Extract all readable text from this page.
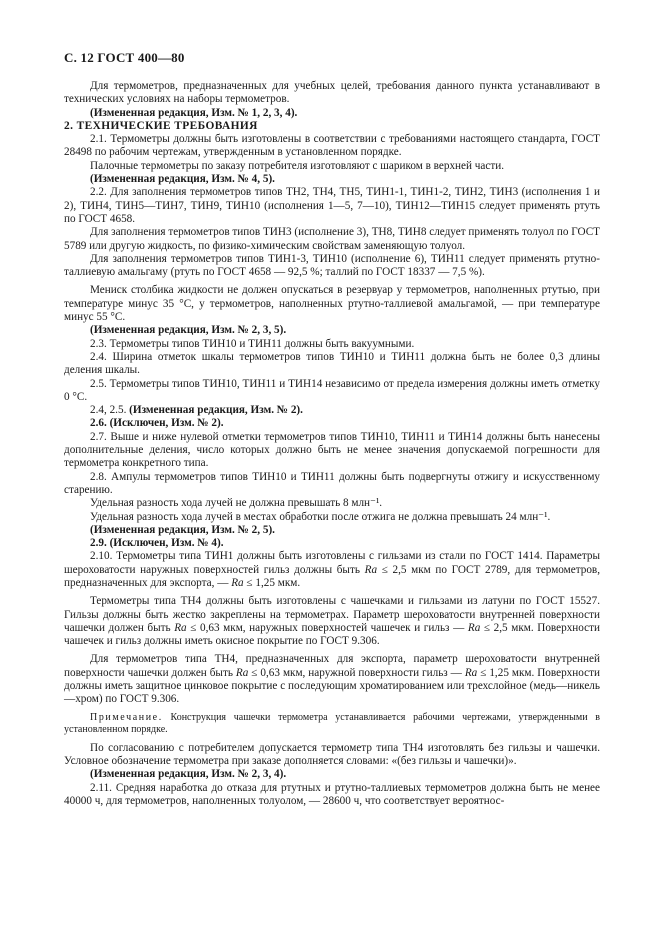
С. 12 ГОСТ 400—80

Для термометров, предназначенных для учебных целей, требования данного пункта устанавливают в технических условиях на наборы термометров.

(Измененная редакция, Изм. № 1, 2, 3, 4).

2. ТЕХНИЧЕСКИЕ ТРЕБОВАНИЯ

2.1. Термометры должны быть изготовлены в соответствии с требованиями настоящего стандарта, ГОСТ 28498 по рабочим чертежам, утвержденным в установленном порядке.

Палочные термометры по заказу потребителя изготовляют с шариком в верхней части.

(Измененная редакция, Изм. № 4, 5).

2.2. Для заполнения термометров типов ТН2, ТН4, ТН5, ТИН1-1, ТИН1-2, ТИН2, ТИН3 (исполнения 1 и 2), ТИН4, ТИН5—ТИН7, ТИН9, ТИН10 (исполнения 1—5, 7—10), ТИН12—ТИН15 следует применять ртуть по ГОСТ 4658.

Для заполнения термометров типов ТИН3 (исполнение 3), ТН8, ТИН8 следует применять толуол по ГОСТ 5789 или другую жидкость, по физико-химическим свойствам заменяющую толуол.

Для заполнения термометров типов ТИН1-3, ТИН10 (исполнение 6), ТИН11 следует применять ртутно-таллиевую амальгаму (ртуть по ГОСТ 4658 — 92,5 %; таллий по ГОСТ 18337 — 7,5 %).

Мениск столбика жидкости не должен опускаться в резервуар у термометров, наполненных ртутью, при температуре минус 35 °С, у термометров, наполненных ртутно-таллиевой амальгамой, — при температуре минус 55 °С.

(Измененная редакция, Изм. № 2, 3, 5).

2.3. Термометры типов ТИН10 и ТИН11 должны быть вакуумными.

2.4. Ширина отметок шкалы термометров типов ТИН10 и ТИН11 должна быть не более 0,3 длины деления шкалы.

2.5. Термометры типов ТИН10, ТИН11 и ТИН14 независимо от предела измерения должны иметь отметку 0 °С.

2.4, 2.5. (Измененная редакция, Изм. № 2).

2.6. (Исключен, Изм. № 2).

2.7. Выше и ниже нулевой отметки термометров типов ТИН10, ТИН11 и ТИН14 должны быть нанесены дополнительные деления, число которых должно быть не менее значения допускаемой погрешности для термометра конкретного типа.

2.8. Ампулы термометров типов ТИН10 и ТИН11 должны быть подвергнуты отжигу и искусственному старению.

Удельная разность хода лучей не должна превышать 8 млн⁻¹.

Удельная разность хода лучей в местах обработки после отжига не должна превышать 24 млн⁻¹.

(Измененная редакция, Изм. № 2, 5).

2.9. (Исключен, Изм. № 4).

2.10. Термометры типа ТИН1 должны быть изготовлены с гильзами из стали по ГОСТ 1414. Параметры шероховатости наружных поверхностей гильз должны быть Ra ≤ 2,5 мкм по ГОСТ 2789, для термометров, предназначенных для экспорта, — Ra ≤ 1,25 мкм.

Термометры типа ТН4 должны быть изготовлены с чашечками и гильзами из латуни по ГОСТ 15527. Гильзы должны быть жестко закреплены на термометрах. Параметр шероховатости внутренней поверхности чашечки должен быть Ra ≤ 0,63 мкм, наружных поверхностей чашечек и гильз — Ra ≤ 2,5 мкм. Поверхности чашечек и гильз должны иметь окисное покрытие по ГОСТ 9.306.

Для термометров типа ТН4, предназначенных для экспорта, параметр шероховатости внутренней поверхности чашечки должен быть Ra ≤ 0,63 мкм, наружной поверхности гильз — Ra ≤ 1,25 мкм. Поверхности должны иметь защитное цинковое покрытие с последующим хроматированием или трехслойное (медь—никель—хром) по ГОСТ 9.306.

Примечание. Конструкция чашечки термометра устанавливается рабочими чертежами, утвержденными в установленном порядке.

По согласованию с потребителем допускается термометр типа ТН4 изготовлять без гильзы и чашечки. Условное обозначение термометра при заказе дополняется словами: «(без гильзы и чашечки)».

(Измененная редакция, Изм. № 2, 3, 4).

2.11. Средняя наработка до отказа для ртутных и ртутно-таллиевых термометров должна быть не менее 40000 ч, для термометров, наполненных толуолом, — 28600 ч, что соответствует вероятнос-
